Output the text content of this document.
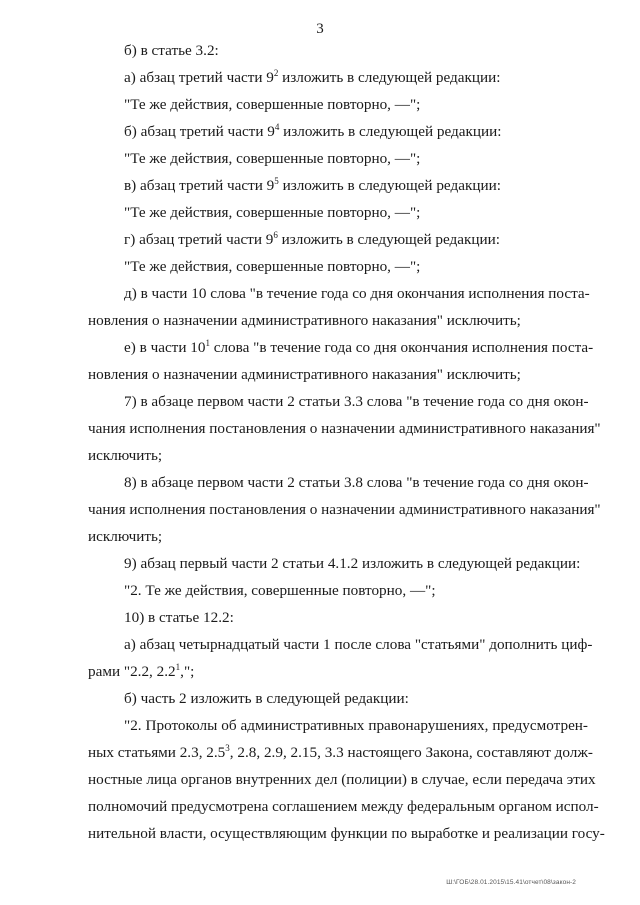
3
б) в статье 3.2:
а) абзац третий части $9^2$ изложить в следующей редакции:
"Те же действия, совершенные повторно, —";
б) абзац третий части $9^4$ изложить в следующей редакции:
"Те же действия, совершенные повторно, —";
в) абзац третий части $9^5$ изложить в следующей редакции:
"Те же действия, совершенные повторно, —";
г) абзац третий части $9^6$ изложить в следующей редакции:
"Те же действия, совершенные повторно, —";
д) в части 10 слова "в течение года со дня окончания исполнения поста-
новления о назначении административного наказания" исключить;
е) в части $10^1$ слова "в течение года со дня окончания исполнения поста-
новления о назначении административного наказания" исключить;
7) в абзаце первом части 2 статьи 3.3 слова "в течение года со дня окон-
чания исполнения постановления о назначении административного наказания"
исключить;
8) в абзаце первом части 2 статьи 3.8 слова "в течение года со дня окон-
чания исполнения постановления о назначении административного наказания"
исключить;
9) абзац первый части 2 статьи 4.1.2 изложить в следующей редакции:
"2. Те же действия, совершенные повторно, —";
10) в статье 12.2:
а) абзац четырнадцатый части 1 после слова "статьями" дополнить циф-
рами "2.2, $2.2^1$,";
б) часть 2 изложить в следующей редакции:
"2. Протоколы об административных правонарушениях, предусмотрен-
ных статьями 2.3, $2.5^3$, 2.8, 2.9, 2.15, 3.3 настоящего Закона, составляют долж-
ностные лица органов внутренних дел (полиции) в случае, если передача этих
полномочий предусмотрена соглашением между федеральным органом испол-
нительной власти, осуществляющим функции по выработке и реализации госу-
Ш:\ГОБ\28.01.2015\15.41\отчет\08\закон-2
